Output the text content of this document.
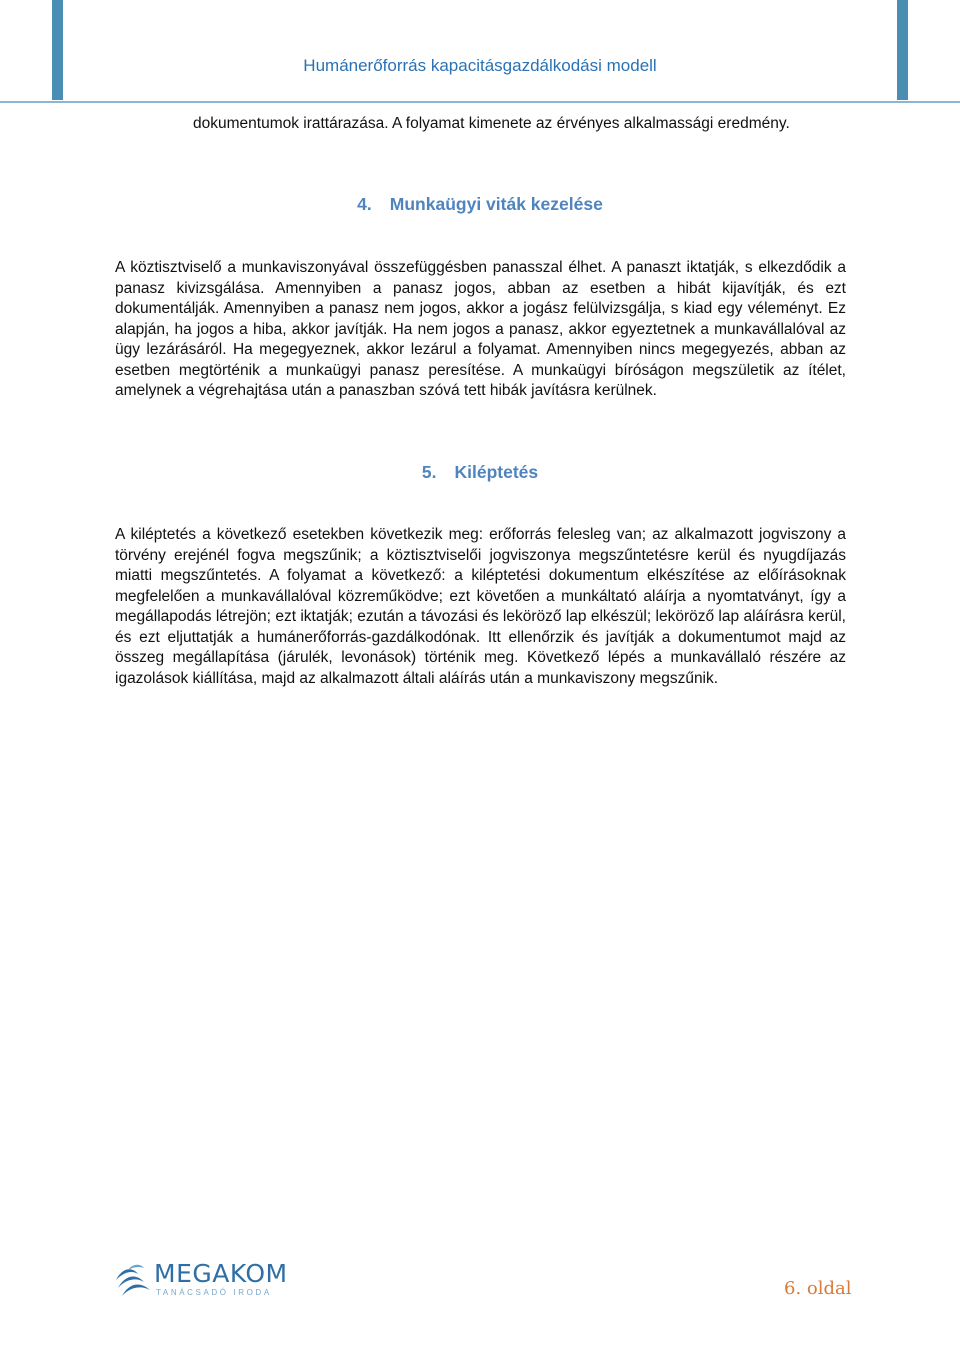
Humánerőforrás kapacitásgazdálkodási modell

dokumentumok irattárazása. A folyamat kimenete az érvényes alkalmassági eredmény.

4. Munkaügyi viták kezelése

A köztisztviselő a munkaviszonyával összefüggésben panasszal élhet. A panaszt iktatják, s elkezdődik a panasz kivizsgálása. Amennyiben a panasz jogos, abban az esetben a hibát kijavítják, és ezt dokumentálják. Amennyiben a panasz nem jogos, akkor a jogász felülvizsgálja, s kiad egy véleményt. Ez alapján, ha jogos a hiba, akkor javítják. Ha nem jogos a panasz, akkor egyeztetnek a munkavállalóval az ügy lezárásáról. Ha megegyeznek, akkor lezárul a folyamat. Amennyiben nincs megegyezés, abban az esetben megtörténik a munkaügyi panasz peresítése. A munkaügyi bíróságon megszületik az ítélet, amelynek a végrehajtása után a panaszban szóvá tett hibák javításra kerülnek.

5. Kiléptetés

A kiléptetés a következő esetekben következik meg: erőforrás felesleg van; az alkalmazott jogviszony a törvény erejénél fogva megszűnik; a köztisztviselői jogviszonya megszűntetésre kerül és nyugdíjazás miatti megszűntetés. A folyamat a következő: a kiléptetési dokumentum elkészítése az előírásoknak megfelelően a munkavállalóval közreműködve; ezt követően a munkáltató aláírja a nyomtatványt, így a megállapodás létrejön; ezt iktatják; ezután a távozási és leköröző lap elkészül; leköröző lap aláírásra kerül, és ezt eljuttatják a humánerőforrás-gazdálkodónak. Itt ellenőrzik és javítják a dokumentumot majd az összeg megállapítása (járulék, levonások) történik meg. Következő lépés a munkavállaló részére az igazolások kiállítása, majd az alkalmazott általi aláírás után a munkaviszony megszűnik.

MEGAKOM
TANÁCSADÓ IRODA	6. oldal
